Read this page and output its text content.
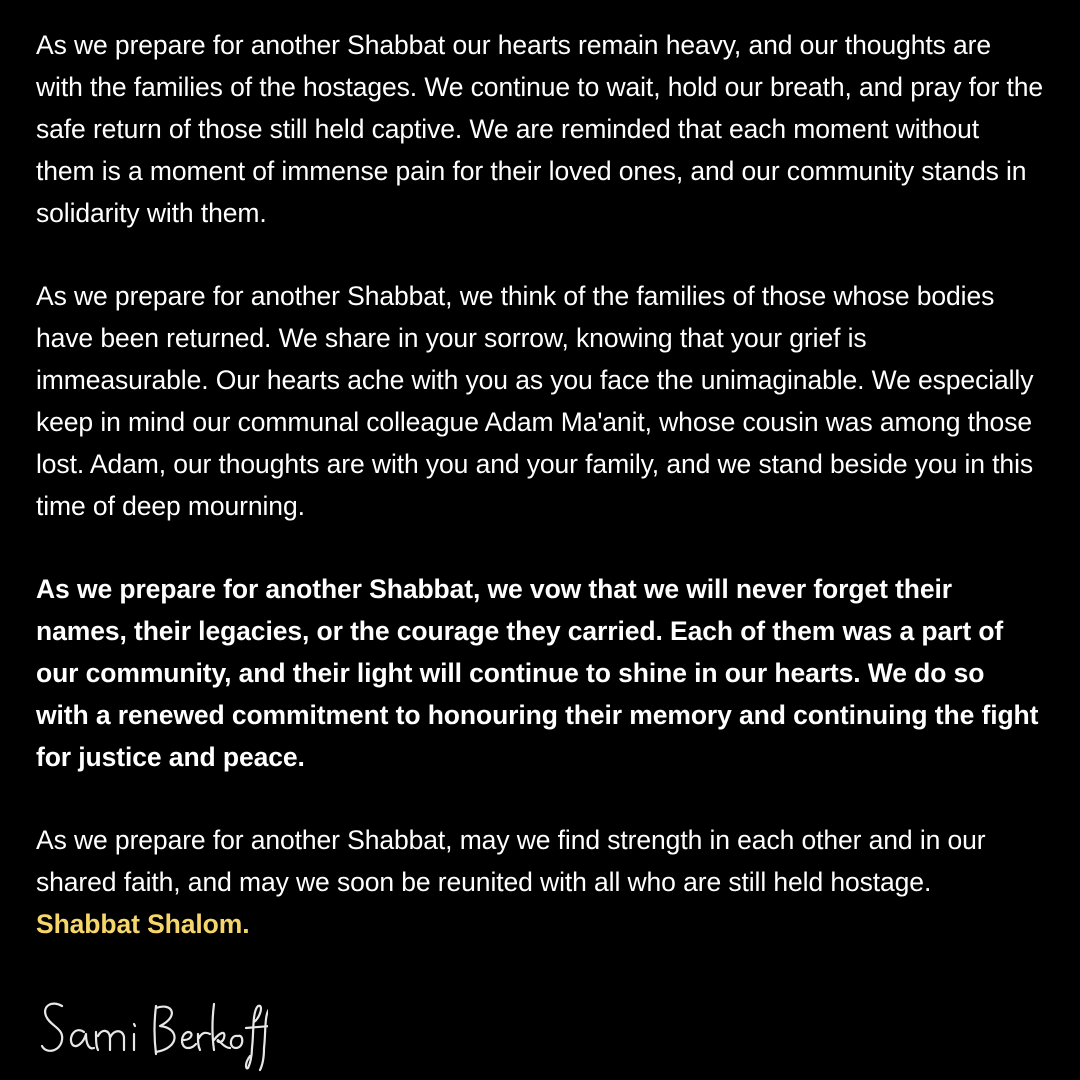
As we prepare for another Shabbat our hearts remain heavy, and our thoughts are with the families of the hostages. We continue to wait, hold our breath, and pray for the safe return of those still held captive. We are reminded that each moment without them is a moment of immense pain for their loved ones, and our community stands in solidarity with them.

As we prepare for another Shabbat, we think of the families of those whose bodies have been returned. We share in your sorrow, knowing that your grief is immeasurable. Our hearts ache with you as you face the unimaginable. We especially keep in mind our communal colleague Adam Ma'anit, whose cousin was among those lost. Adam, our thoughts are with you and your family, and we stand beside you in this time of deep mourning.

As we prepare for another Shabbat, we vow that we will never forget their names, their legacies, or the courage they carried. Each of them was a part of our community, and their light will continue to shine in our hearts. We do so with a renewed commitment to honouring their memory and continuing the fight for justice and peace.

As we prepare for another Shabbat, may we find strength in each other and in our shared faith, and may we soon be reunited with all who are still held hostage.

Shabbat Shalom.
